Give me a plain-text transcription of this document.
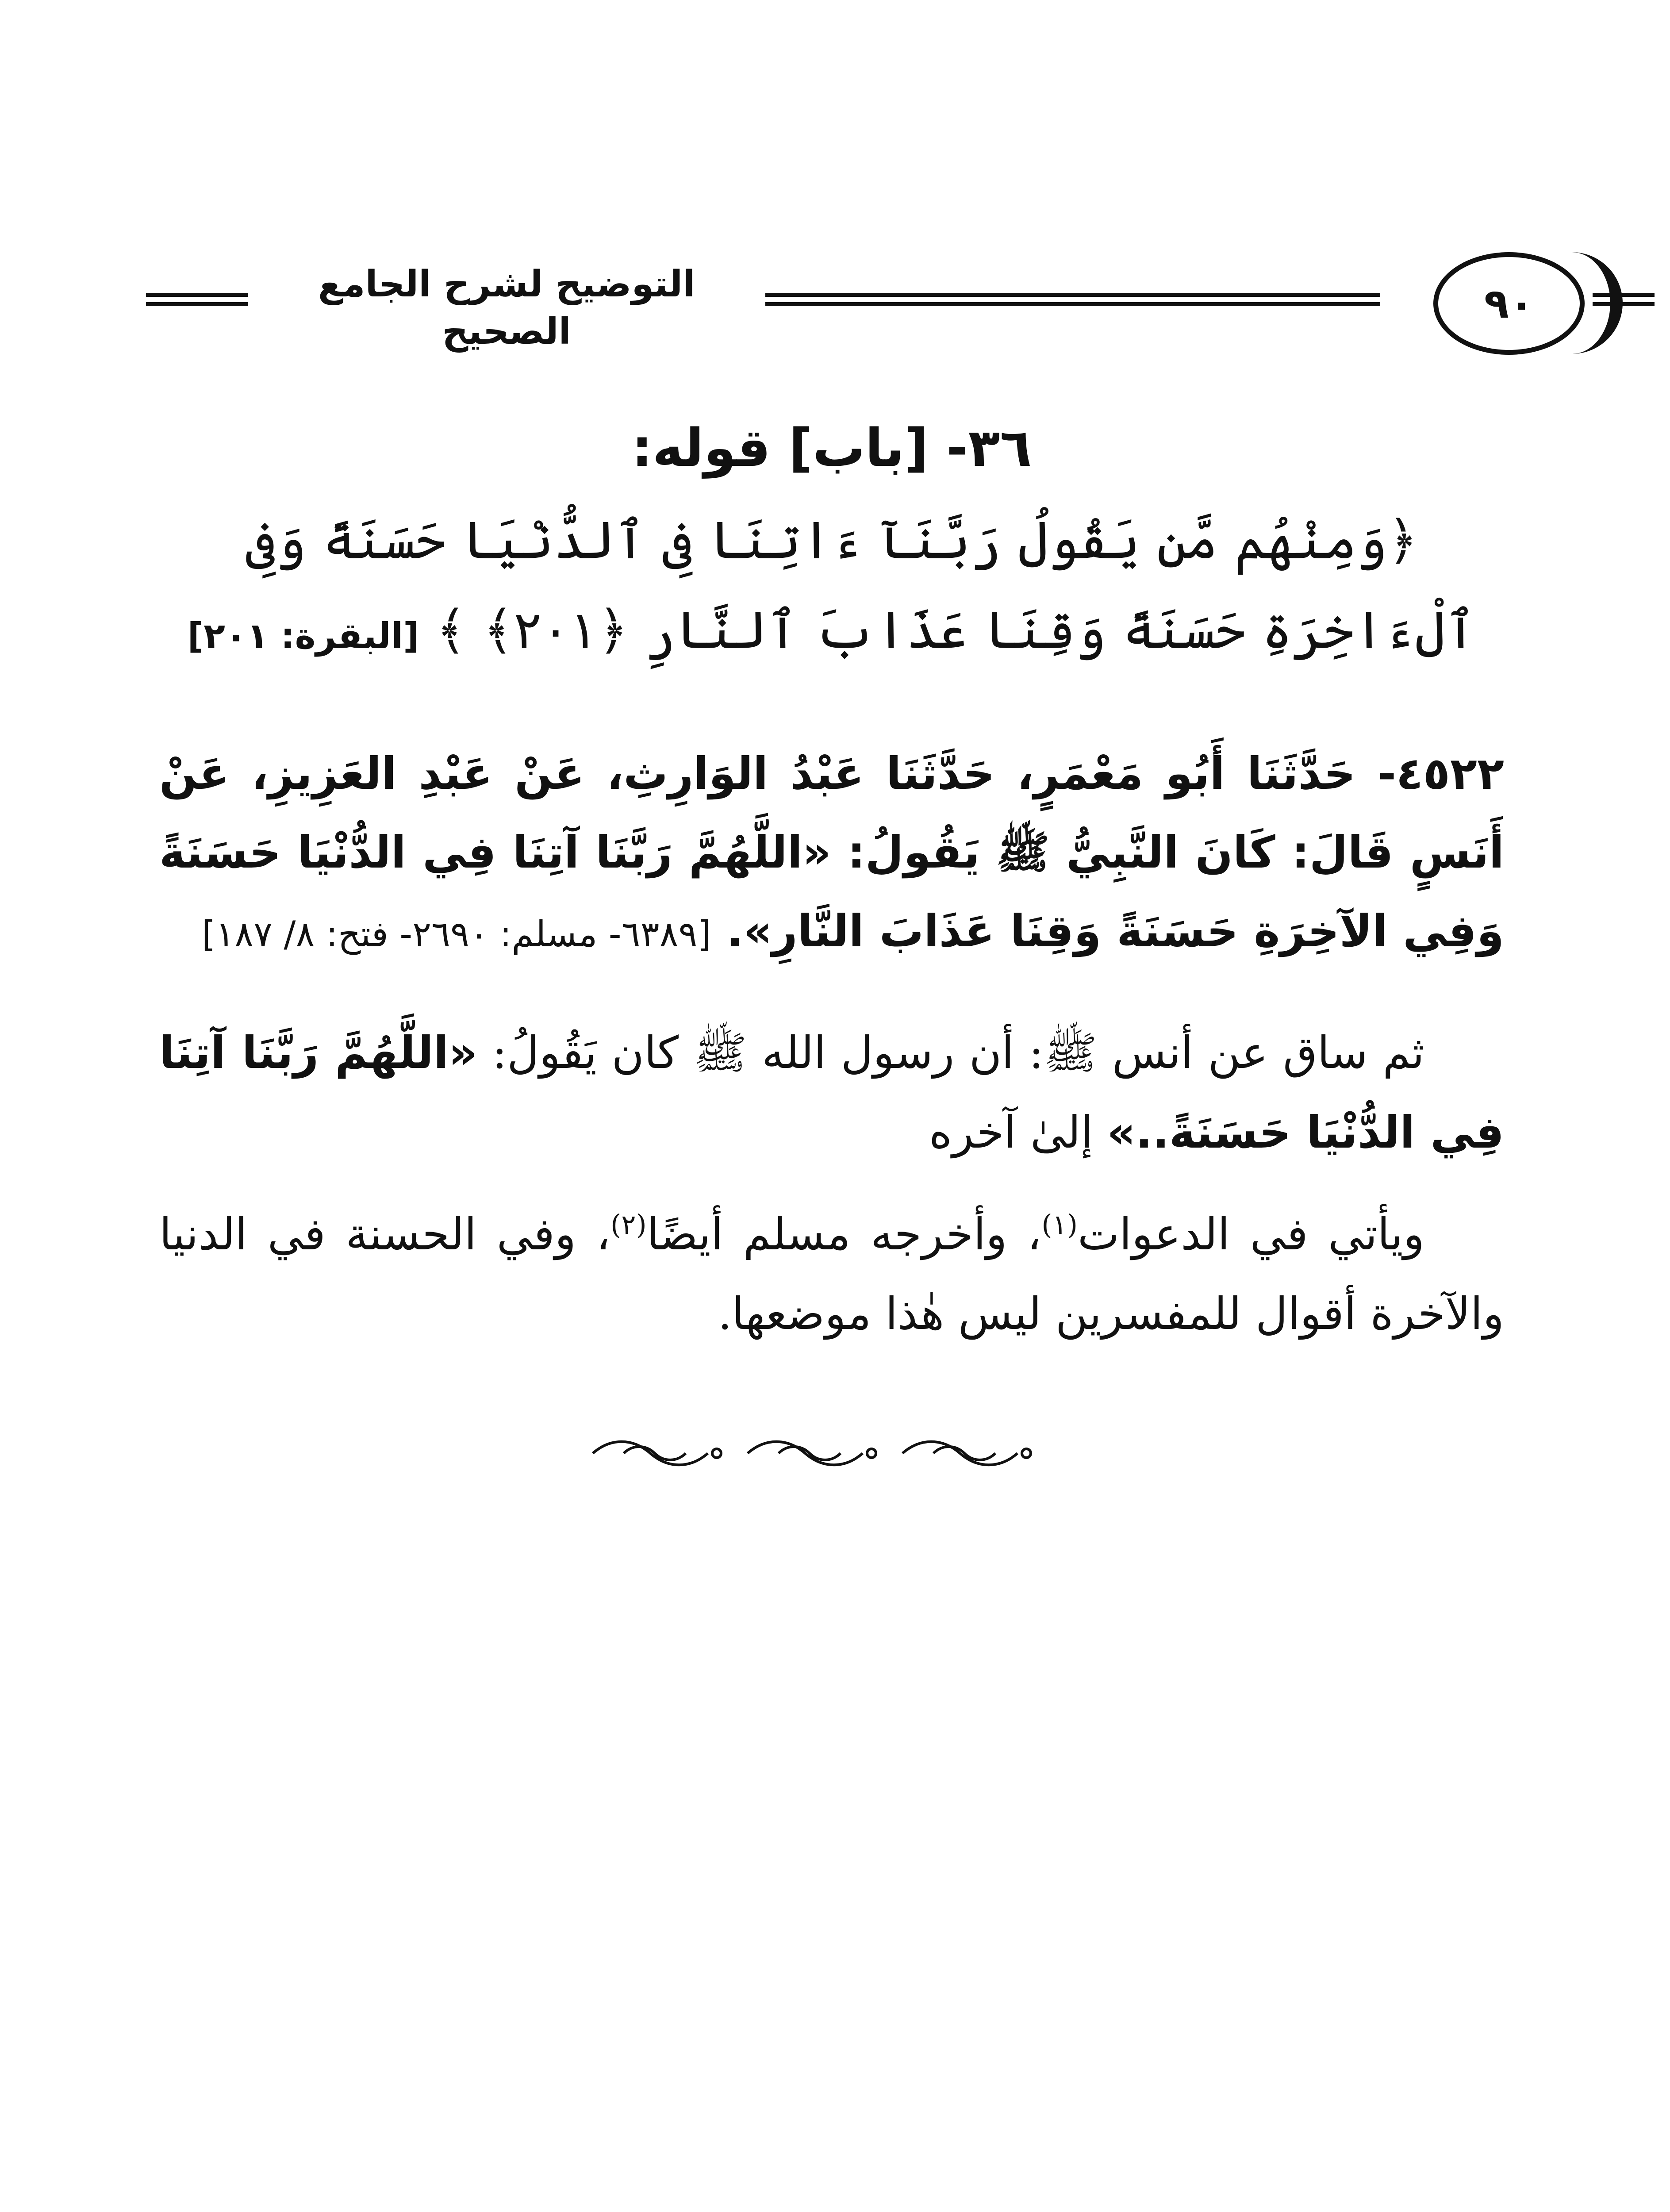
التوضيح لشرح الجامع الصحيح
٩٠
٣٦- [باب] قوله:
﴿وَمِنْهُم مَّن يَقُولُ رَبَّنَآ ءَاتِنَا فِى ٱلدُّنْيَا حَسَنَةً وَفِى ٱلْءَاخِرَةِ حَسَنَةً وَقِنَا عَذَابَ ٱلنَّارِ ﴿٢٠١﴾ ﴾ [البقرة: ٢٠١]
٤٥٢٢- حَدَّثَنَا أَبُو مَعْمَرٍ، حَدَّثَنَا عَبْدُ الوَارِثِ، عَنْ عَبْدِ العَزِيزِ، عَنْ أَنَسٍ قَالَ: كَانَ النَّبِيُّ ﷺ يَقُولُ: «اللَّهُمَّ رَبَّنَا آتِنَا فِي الدُّنْيَا حَسَنَةً وَفِي الآخِرَةِ حَسَنَةً وَقِنَا عَذَابَ النَّارِ». [٦٣٨٩- مسلم: ٢٦٩٠- فتح: ٨/ ١٨٧]
ثم ساق عن أنس ﷺ: أن رسول الله ﷺ كان يَقُولُ: «اللَّهُمَّ رَبَّنَا آتِنَا فِي الدُّنْيَا حَسَنَةً..» إلىٰ آخره
ويأتي في الدعوات$^{(١)}$، وأخرجه مسلم أيضًا$^{(٢)}$، وفي الحسنة في الدنيا والآخرة أقوال للمفسرين ليس هٰذا موضعها.
